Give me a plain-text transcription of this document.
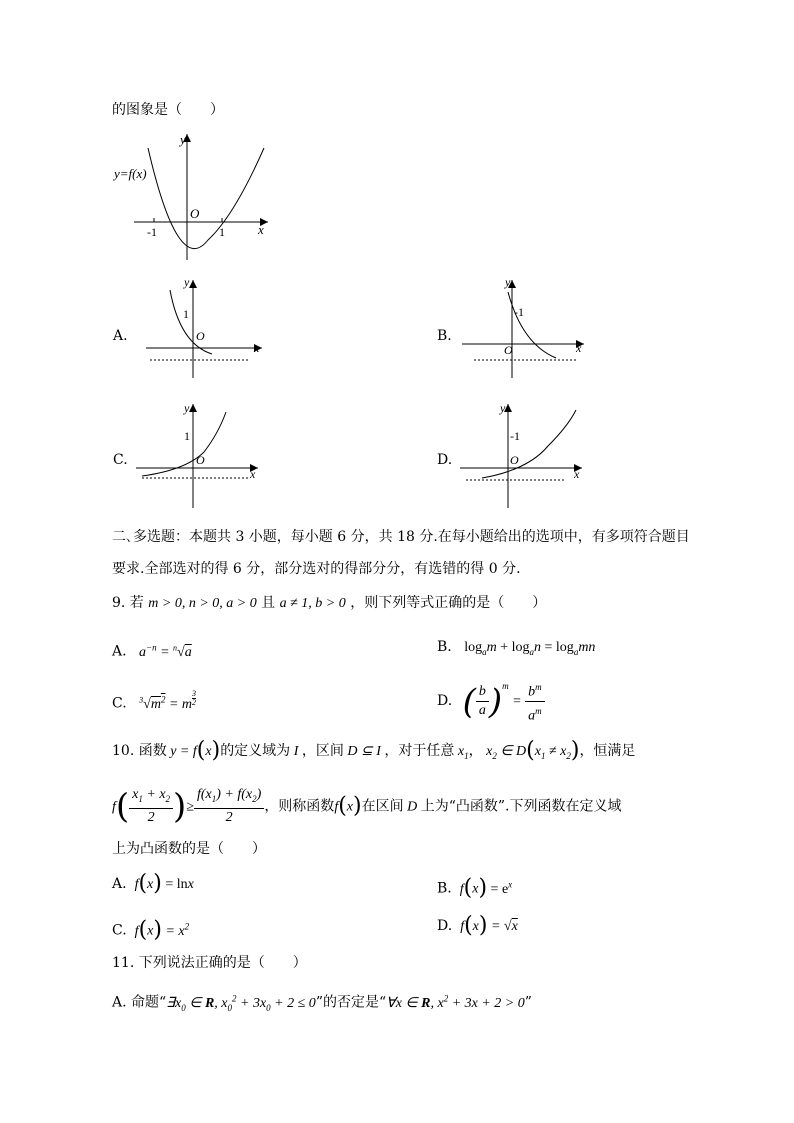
的图象是（　　）
y
y=f(x)
O
-1	1	x
A.
y
1
O
x
B.
y
-1
O	x
C.
y
1
O
x
D.
y
-1
O
x
二､多选题：本题共 3 小题，每小题 6 分，共 18 分.在每小题给出的选项中，有多项符合题目
要求.全部选对的得 6 分，部分选对的得部分分，有选错的得 0 分.
9. 若 m > 0, n > 0, a > 0 且 a ≠ 1, b > 0 ，则下列等式正确的是（　　）
A. $a^{-n} = ^n√a$	B. $\log_am + \log_an = \log_amn$
C. $^3√m^2 = m$ $^{\frac{3}{2}}$	D. ( $\frac{b}{a} )^m = \frac{b^m}{a^m}$
10. 函数 y = f(x)的定义域为 I ，区间 D ⊆ I ，对于任意 $x_1$， $x_2$ ∈ $D(x_1 \ne x_2)$，恒满足
$f( \frac{x_1 + x_2}{2}$ )≥ $\frac{f(x_1) + f(x_2)}{2}$ ，则称函数f(x)在区间 D 上为“凸函数”.下列函数在定义域
上为凸函数的是（　　）
A. f(x) = lnx	B. $f(x) = e^x$
C. $f(x) = x^2$	D. f(x) = √x
11. 下列说法正确的是（　　）
A. 命题“$\exists x_0$ ∈ R, $x_0^2 + 3x_0 + 2 \le 0$”的否定是“∀x ∈ R, $x^2 + 3x + 2 > 0$”
